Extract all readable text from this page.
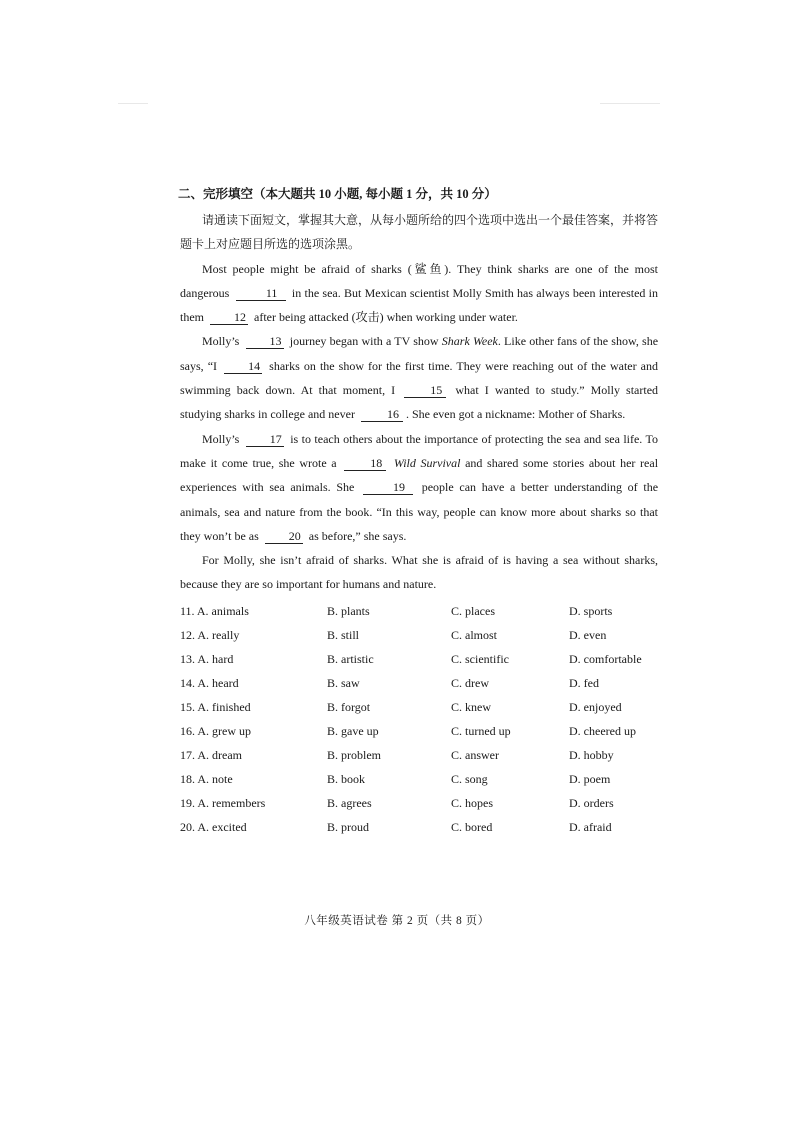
二、完形填空（本大题共 10 小题, 每小题 1 分，共 10 分）

请通读下面短文，掌握其大意，从每小题所给的四个选项中选出一个最佳答案，并将答题卡上对应题目所选的选项涂黑。

Most people might be afraid of sharks (鲨鱼). They think sharks are one of the most dangerous	11 in the sea. But Mexican scientist Molly Smith has always been interested in them	12 after being attacked (攻击) when working under water.

Molly’s	13 journey began with a TV show Shark Week. Like other fans of the show, she says, “I	14 sharks on the show for the first time. They were reaching out of the water and swimming back down. At that moment, I	15 what I wanted to study.” Molly started studying sharks in college and never	16 . She even got a nickname: Mother of Sharks.

Molly’s	17 is to teach others about the importance of protecting the sea and sea life. To make it come true, she wrote a	18 Wild Survival and shared some stories about her real experiences with sea animals. She	19 people can have a better understanding of the animals, sea and nature from the book. “In this way, people can know more about sharks so that they won’t be as	20 as before,” she says.

For Molly, she isn’t afraid of sharks. What she is afraid of is having a sea without sharks, because they are so important for humans and nature.

11. A. animals	B. plants	C. places	D. sports
12. A. really	B. still	C. almost	D. even
13. A. hard	B. artistic	C. scientific	D. comfortable
14. A. heard	B. saw	C. drew	D. fed
15. A. finished	B. forgot	C. knew	D. enjoyed
16. A. grew up	B. gave up	C. turned up	D. cheered up
17. A. dream	B. problem	C. answer	D. hobby
18. A. note	B. book	C. song	D. poem
19. A. remembers	B. agrees	C. hopes	D. orders
20. A. excited	B. proud	C. bored	D. afraid
八年级英语试卷 第 2 页（共 8 页）
